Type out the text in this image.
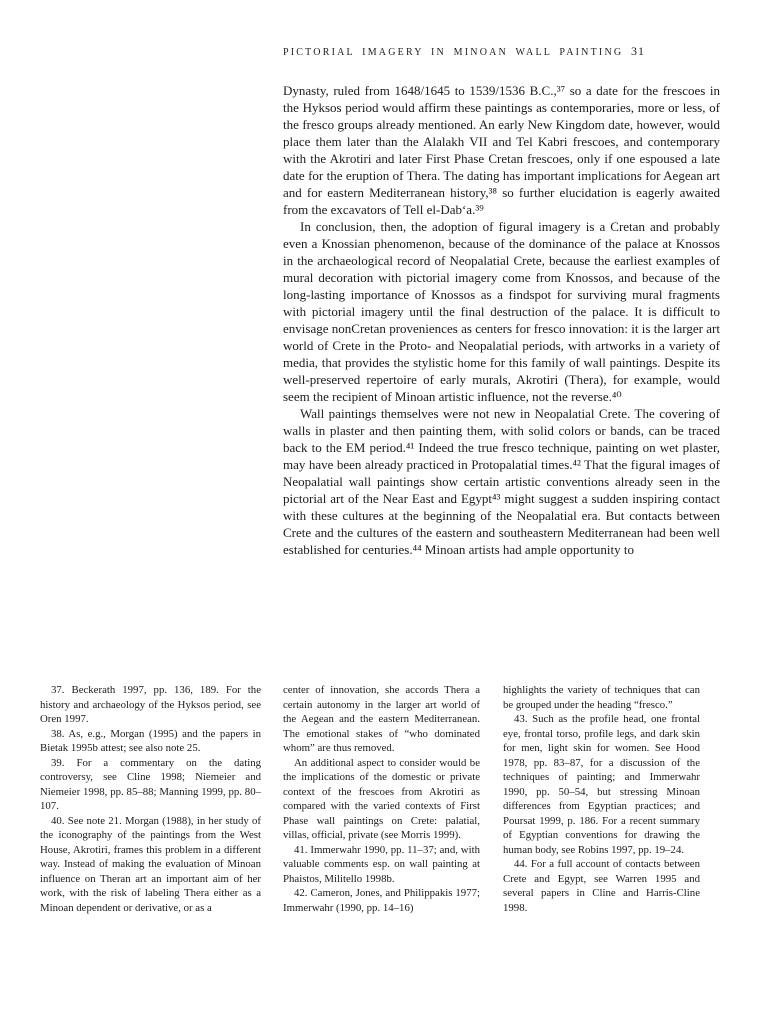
PICTORIAL IMAGERY IN MINOAN WALL PAINTING 31

Dynasty, ruled from 1648/1645 to 1539/1536 B.C.,³⁷ so a date for the frescoes in the Hyksos period would affirm these paintings as contemporaries, more or less, of the fresco groups already mentioned. An early New Kingdom date, however, would place them later than the Alalakh VII and Tel Kabri frescoes, and contemporary with the Akrotiri and later First Phase Cretan frescoes, only if one espoused a late date for the eruption of Thera. The dating has important implications for Aegean art and for eastern Mediterranean history,³⁸ so further elucidation is eagerly awaited from the excavators of Tell el-Dab‘a.³⁹

In conclusion, then, the adoption of figural imagery is a Cretan and probably even a Knossian phenomenon, because of the dominance of the palace at Knossos in the archaeological record of Neopalatial Crete, because the earliest examples of mural decoration with pictorial imagery come from Knossos, and because of the long-lasting importance of Knossos as a findspot for surviving mural fragments with pictorial imagery until the final destruction of the palace. It is difficult to envisage nonCretan proveniences as centers for fresco innovation: it is the larger art world of Crete in the Proto- and Neopalatial periods, with artworks in a variety of media, that provides the stylistic home for this family of wall paintings. Despite its well-preserved repertoire of early murals, Akrotiri (Thera), for example, would seem the recipient of Minoan artistic influence, not the reverse.⁴⁰

Wall paintings themselves were not new in Neopalatial Crete. The covering of walls in plaster and then painting them, with solid colors or bands, can be traced back to the EM period.⁴¹ Indeed the true fresco technique, painting on wet plaster, may have been already practiced in Protopalatial times.⁴² That the figural images of Neopalatial wall paintings show certain artistic conventions already seen in the pictorial art of the Near East and Egypt⁴³ might suggest a sudden inspiring contact with these cultures at the beginning of the Neopalatial era. But contacts between Crete and the cultures of the eastern and southeastern Mediterranean had been well established for centuries.⁴⁴ Minoan artists had ample opportunity to

37. Beckerath 1997, pp. 136, 189. For the history and archaeology of the Hyksos period, see Oren 1997.

38. As, e.g., Morgan (1995) and the papers in Bietak 1995b attest; see also note 25.

39. For a commentary on the dating controversy, see Cline 1998; Niemeier and Niemeier 1998, pp. 85–88; Manning 1999, pp. 80–107.

40. See note 21. Morgan (1988), in her study of the iconography of the paintings from the West House, Akrotiri, frames this problem in a different way. Instead of making the evaluation of Minoan influence on Theran art an important aim of her work, with the risk of labeling Thera either as a Minoan dependent or derivative, or as a

center of innovation, she accords Thera a certain autonomy in the larger art world of the Aegean and the eastern Mediterranean. The emotional stakes of “who dominated whom” are thus removed.

An additional aspect to consider would be the implications of the domestic or private context of the frescoes from Akrotiri as compared with the varied contexts of First Phase wall paintings on Crete: palatial, villas, official, private (see Morris 1999).

41. Immerwahr 1990, pp. 11–37; and, with valuable comments esp. on wall painting at Phaistos, Militello 1998b.

42. Cameron, Jones, and Philippakis 1977; Immerwahr (1990, pp. 14–16)

highlights the variety of techniques that can be grouped under the heading “fresco.”

43. Such as the profile head, one frontal eye, frontal torso, profile legs, and dark skin for men, light skin for women. See Hood 1978, pp. 83–87, for a discussion of the techniques of painting; and Immerwahr 1990, pp. 50–54, but stressing Minoan differences from Egyptian practices; and Poursat 1999, p. 186. For a recent summary of Egyptian conventions for drawing the human body, see Robins 1997, pp. 19–24.

44. For a full account of contacts between Crete and Egypt, see Warren 1995 and several papers in Cline and Harris-Cline 1998.
